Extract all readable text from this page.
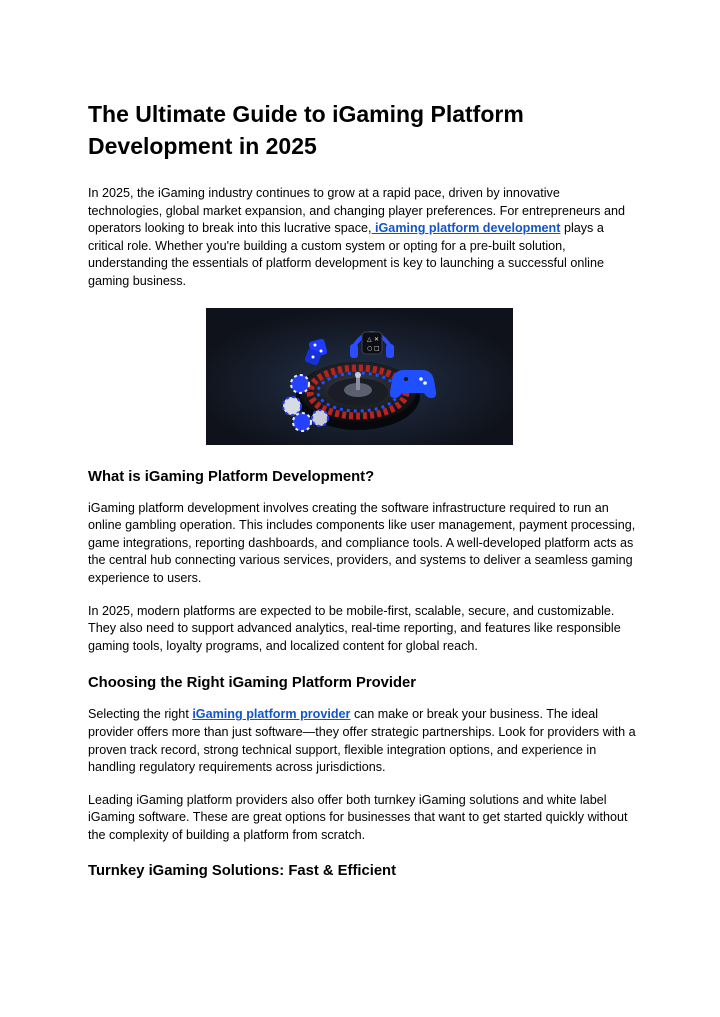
The Ultimate Guide to iGaming Platform Development in 2025

In 2025, the iGaming industry continues to grow at a rapid pace, driven by innovative technologies, global market expansion, and changing player preferences. For entrepreneurs and operators looking to break into this lucrative space, iGaming platform development plays a critical role. Whether you're building a custom system or opting for a pre-built solution, understanding the essentials of platform development is key to launching a successful online gaming business.

△ ✕
○ □
What is iGaming Platform Development?

iGaming platform development involves creating the software infrastructure required to run an online gambling operation. This includes components like user management, payment processing, game integrations, reporting dashboards, and compliance tools. A well-developed platform acts as the central hub connecting various services, providers, and systems to deliver a seamless gaming experience to users.

In 2025, modern platforms are expected to be mobile-first, scalable, secure, and customizable. They also need to support advanced analytics, real-time reporting, and features like responsible gaming tools, loyalty programs, and localized content for global reach.

Choosing the Right iGaming Platform Provider

Selecting the right iGaming platform provider can make or break your business. The ideal provider offers more than just software—they offer strategic partnerships. Look for providers with a proven track record, strong technical support, flexible integration options, and experience in handling regulatory requirements across jurisdictions.

Leading iGaming platform providers also offer both turnkey iGaming solutions and white label iGaming software. These are great options for businesses that want to get started quickly without the complexity of building a platform from scratch.

Turnkey iGaming Solutions: Fast & Efficient
